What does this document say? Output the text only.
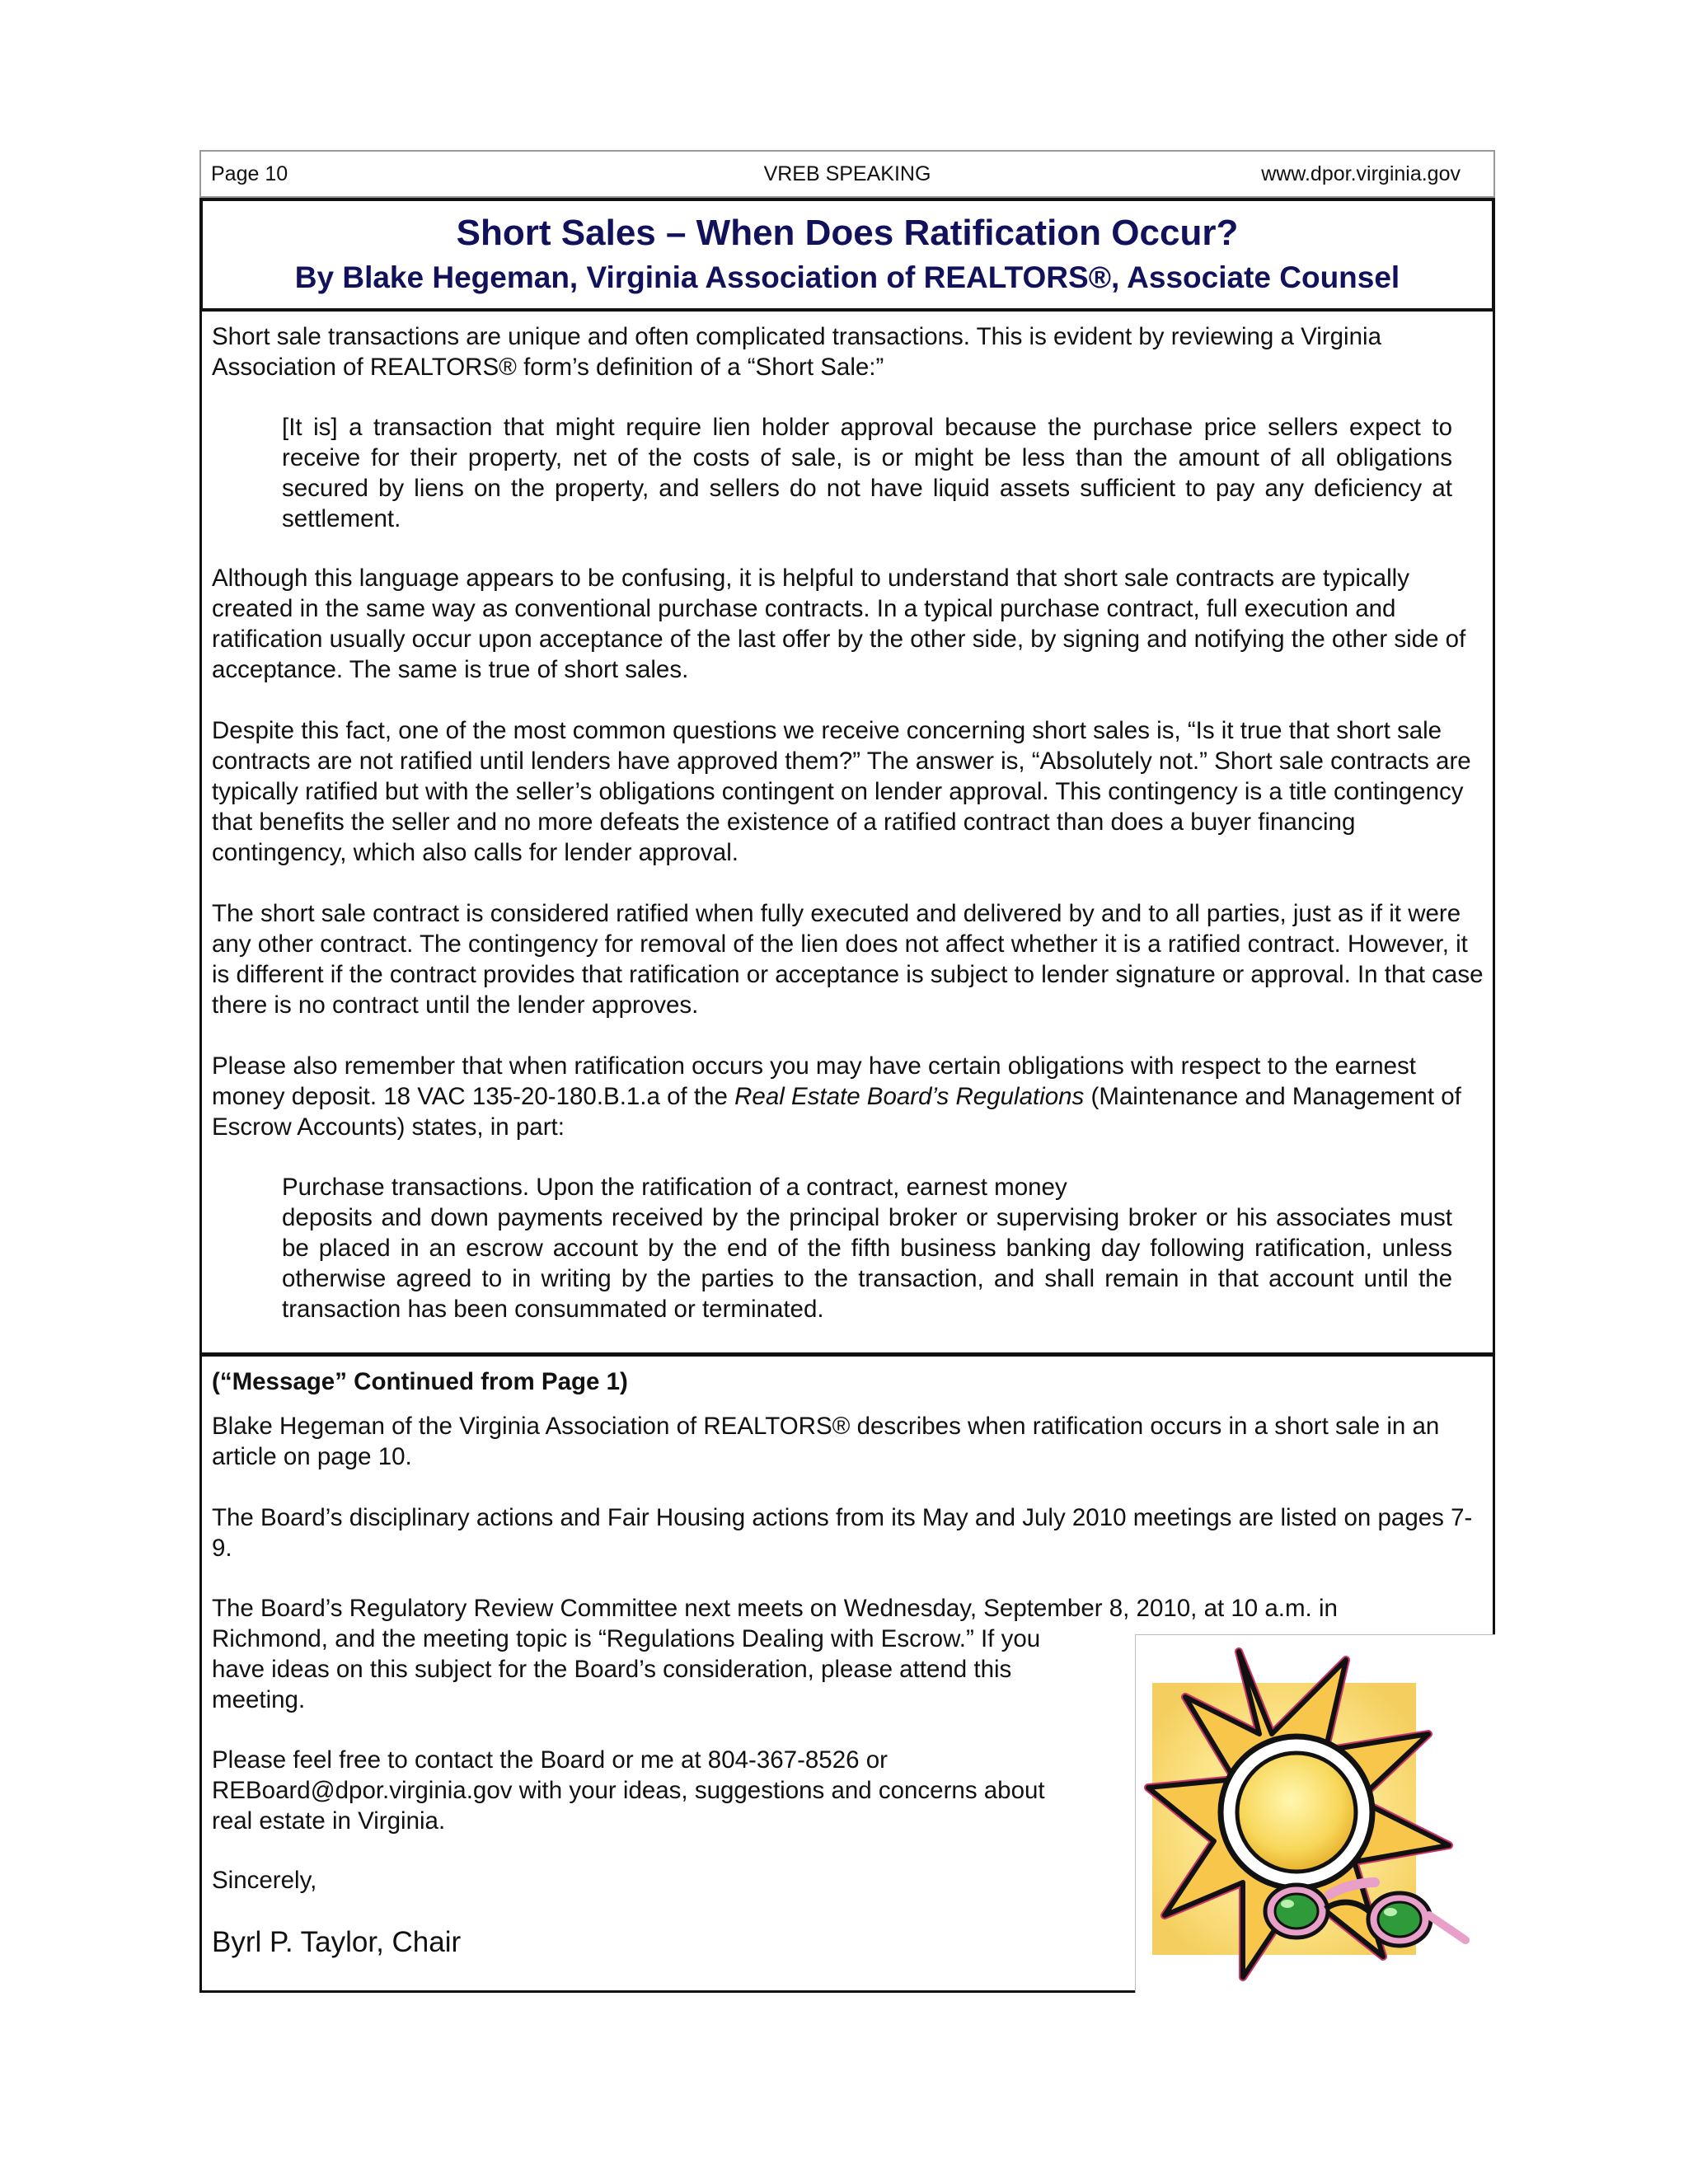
Page 10	VREB SPEAKING	www.dpor.virginia.gov
Short Sales – When Does Ratification Occur?
By Blake Hegeman, Virginia Association of REALTORS®, Associate Counsel

Short sale transactions are unique and often complicated transactions. This is evident by reviewing a Virginia Association of REALTORS® form’s definition of a “Short Sale:”

[It is] a transaction that might require lien holder approval because the purchase price sellers expect to receive for their property, net of the costs of sale, is or might be less than the amount of all obligations secured by liens on the property, and sellers do not have liquid assets sufficient to pay any deficiency at settlement.

Although this language appears to be confusing, it is helpful to understand that short sale contracts are typically created in the same way as conventional purchase contracts. In a typical purchase contract, full execution and ratification usually occur upon acceptance of the last offer by the other side, by signing and notifying the other side of acceptance. The same is true of short sales.

Despite this fact, one of the most common questions we receive concerning short sales is, “Is it true that short sale contracts are not ratified until lenders have approved them?” The answer is, “Absolutely not.” Short sale contracts are typically ratified but with the seller’s obligations contingent on lender approval. This contingency is a title contingency that benefits the seller and no more defeats the existence of a ratified contract than does a buyer financing contingency, which also calls for lender approval.

The short sale contract is considered ratified when fully executed and delivered by and to all parties, just as if it were any other contract. The contingency for removal of the lien does not affect whether it is a ratified contract. However, it is different if the contract provides that ratification or acceptance is subject to lender signature or approval. In that case there is no contract until the lender approves.

Please also remember that when ratification occurs you may have certain obligations with respect to the earnest money deposit. 18 VAC 135-20-180.B.1.a of the Real Estate Board’s Regulations (Maintenance and Management of Escrow Accounts) states, in part:

Purchase transactions. Upon the ratification of a contract, earnest money

deposits and down payments received by the principal broker or supervising broker or his associates must be placed in an escrow account by the end of the fifth business banking day following ratification, unless otherwise agreed to in writing by the parties to the transaction, and shall remain in that account until the transaction has been consummated or terminated.

(“Message” Continued from Page 1)

Blake Hegeman of the Virginia Association of REALTORS® describes when ratification occurs in a short sale in an article on page 10.

The Board’s disciplinary actions and Fair Housing actions from its May and July 2010 meetings are listed on pages 7-9.

The Board’s Regulatory Review Committee next meets on Wednesday, September 8, 2010, at 10 a.m. in

Richmond, and the meeting topic is “Regulations Dealing with Escrow.” If you

have ideas on this subject for the Board’s consideration, please attend this

meeting.

Please feel free to contact the Board or me at 804-367-8526 or

REBoard@dpor.virginia.gov with your ideas, suggestions and concerns about

real estate in Virginia.

Sincerely,

Byrl P. Taylor, Chair
